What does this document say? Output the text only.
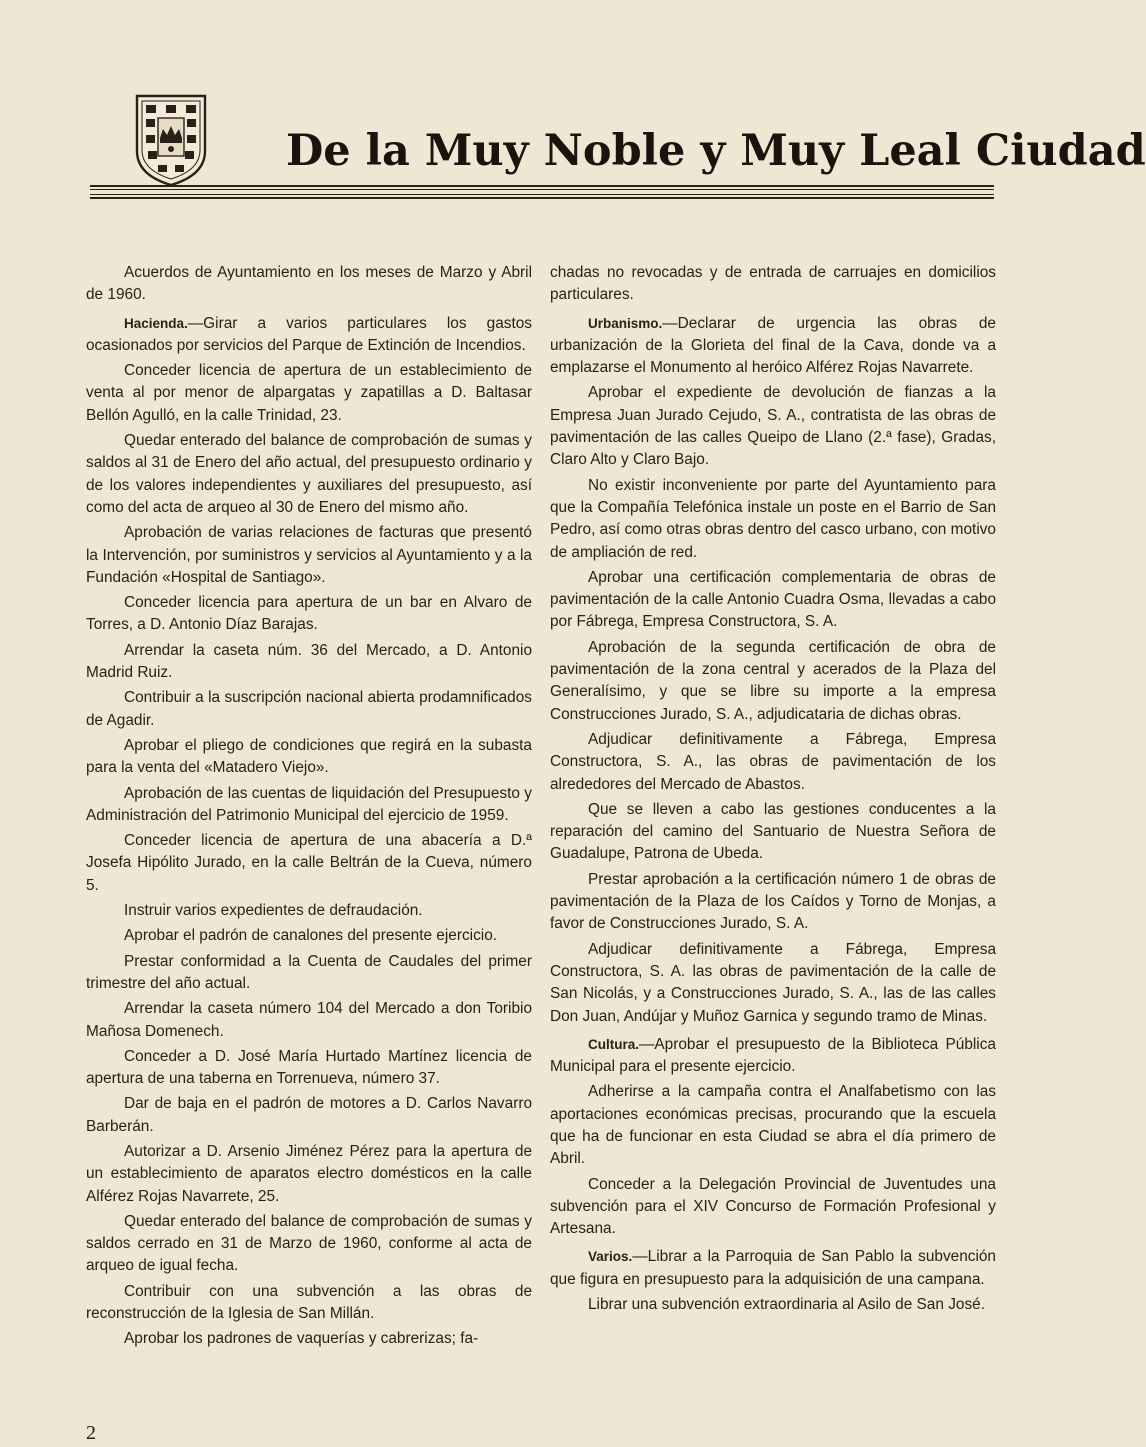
De la Muy Noble y Muy Leal Ciudad

Acuerdos de Ayuntamiento en los meses de Marzo y Abril de 1960.

Hacienda.—Girar a varios particulares los gastos ocasionados por servicios del Parque de Extinción de Incendios.

Conceder licencia de apertura de un establecimiento de venta al por menor de alpargatas y zapatillas a D. Baltasar Bellón Agulló, en la calle Trinidad, 23.

Quedar enterado del balance de comprobación de sumas y saldos al 31 de Enero del año actual, del presupuesto ordinario y de los valores independientes y auxiliares del presupuesto, así como del acta de arqueo al 30 de Enero del mismo año.

Aprobación de varias relaciones de facturas que presentó la Intervención, por suministros y servicios al Ayuntamiento y a la Fundación «Hospital de Santiago».

Conceder licencia para apertura de un bar en Alvaro de Torres, a D. Antonio Díaz Barajas.

Arrendar la caseta núm. 36 del Mercado, a D. Antonio Madrid Ruiz.

Contribuir a la suscripción nacional abierta prodamnificados de Agadir.

Aprobar el pliego de condiciones que regirá en la subasta para la venta del «Matadero Viejo».

Aprobación de las cuentas de liquidación del Presupuesto y Administración del Patrimonio Municipal del ejercicio de 1959.

Conceder licencia de apertura de una abacería a D.ª Josefa Hipólito Jurado, en la calle Beltrán de la Cueva, número 5.

Instruir varios expedientes de defraudación.

Aprobar el padrón de canalones del presente ejercicio.

Prestar conformidad a la Cuenta de Caudales del primer trimestre del año actual.

Arrendar la caseta número 104 del Mercado a don Toribio Mañosa Domenech.

Conceder a D. José María Hurtado Martínez licencia de apertura de una taberna en Torrenueva, número 37.

Dar de baja en el padrón de motores a D. Carlos Navarro Barberán.

Autorizar a D. Arsenio Jiménez Pérez para la apertura de un establecimiento de aparatos electro domésticos en la calle Alférez Rojas Navarrete, 25.

Quedar enterado del balance de comprobación de sumas y saldos cerrado en 31 de Marzo de 1960, conforme al acta de arqueo de igual fecha.

Contribuir con una subvención a las obras de reconstrucción de la Iglesia de San Millán.

Aprobar los padrones de vaquerías y cabrerizas; fa-

chadas no revocadas y de entrada de carruajes en domicilios particulares.

Urbanismo.—Declarar de urgencia las obras de urbanización de la Glorieta del final de la Cava, donde va a emplazarse el Monumento al heróico Alférez Rojas Navarrete.

Aprobar el expediente de devolución de fianzas a la Empresa Juan Jurado Cejudo, S. A., contratista de las obras de pavimentación de las calles Queipo de Llano (2.ª fase), Gradas, Claro Alto y Claro Bajo.

No existir inconveniente por parte del Ayuntamiento para que la Compañía Telefónica instale un poste en el Barrio de San Pedro, así como otras obras dentro del casco urbano, con motivo de ampliación de red.

Aprobar una certificación complementaria de obras de pavimentación de la calle Antonio Cuadra Osma, llevadas a cabo por Fábrega, Empresa Constructora, S. A.

Aprobación de la segunda certificación de obra de pavimentación de la zona central y acerados de la Plaza del Generalísimo, y que se libre su importe a la empresa Construcciones Jurado, S. A., adjudicataria de dichas obras.

Adjudicar definitivamente a Fábrega, Empresa Constructora, S. A., las obras de pavimentación de los alrededores del Mercado de Abastos.

Que se lleven a cabo las gestiones conducentes a la reparación del camino del Santuario de Nuestra Señora de Guadalupe, Patrona de Ubeda.

Prestar aprobación a la certificación número 1 de obras de pavimentación de la Plaza de los Caídos y Torno de Monjas, a favor de Construcciones Jurado, S. A.

Adjudicar definitivamente a Fábrega, Empresa Constructora, S. A. las obras de pavimentación de la calle de San Nicolás, y a Construcciones Jurado, S. A., las de las calles Don Juan, Andújar y Muñoz Garnica y segundo tramo de Minas.

Cultura.—Aprobar el presupuesto de la Biblioteca Pública Municipal para el presente ejercicio.

Adherirse a la campaña contra el Analfabetismo con las aportaciones económicas precisas, procurando que la escuela que ha de funcionar en esta Ciudad se abra el día primero de Abril.

Conceder a la Delegación Provincial de Juventudes una subvención para el XIV Concurso de Formación Profesional y Artesana.

Varios.—Librar a la Parroquia de San Pablo la subvención que figura en presupuesto para la adquisición de una campana.

Librar una subvención extraordinaria al Asilo de San José.

2
